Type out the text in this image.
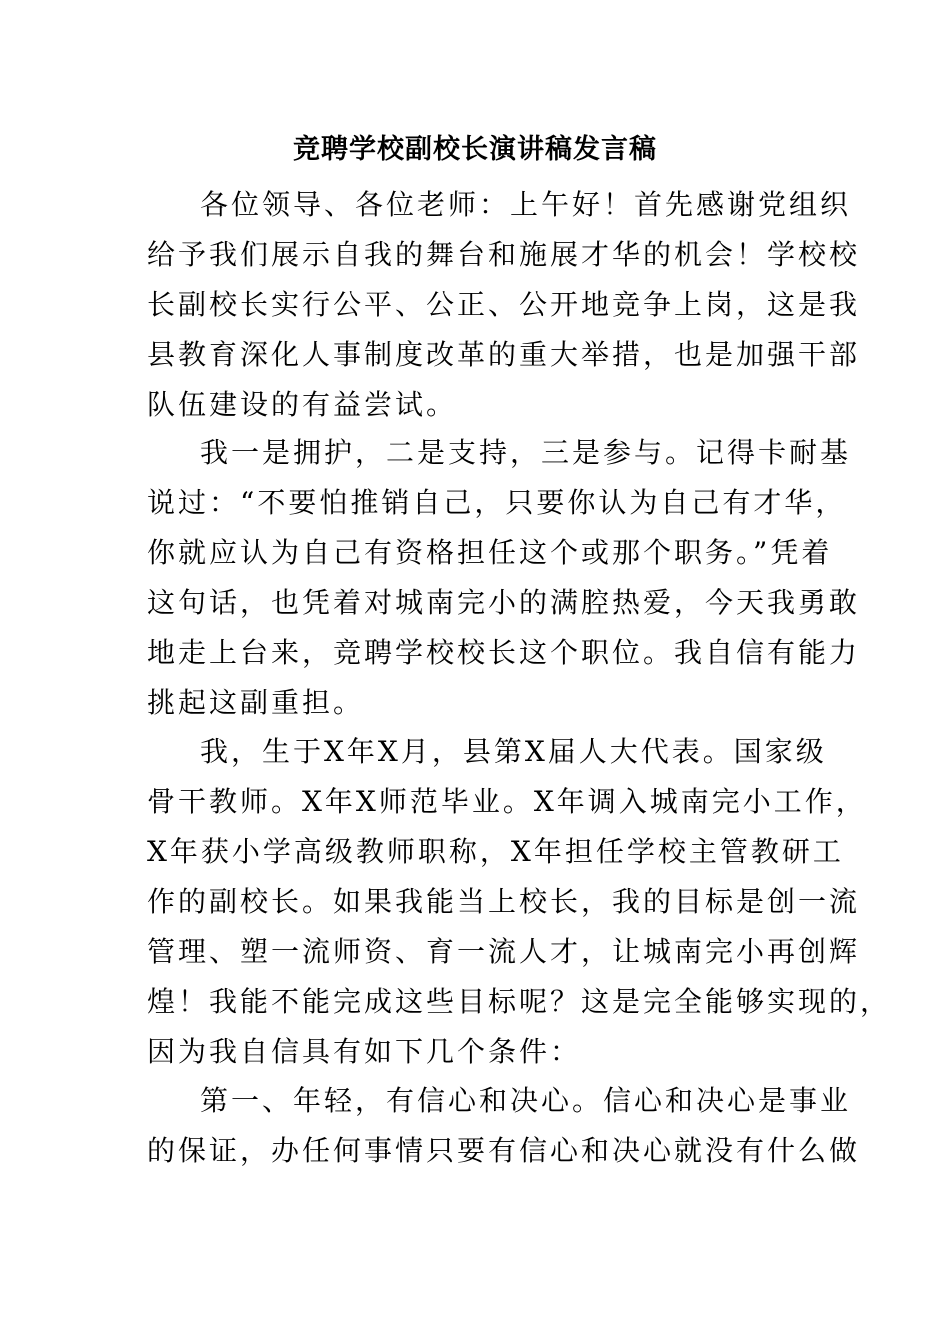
竞聘学校副校长演讲稿发言稿
各位领导、各位老师：上午好！首先感谢党组织
给予我们展示自我的舞台和施展才华的机会！学校校
长副校长实行公平、公正、公开地竞争上岗，这是我
县教育深化人事制度改革的重大举措，也是加强干部
队伍建设的有益尝试。
我一是拥护，二是支持，三是参与。记得卡耐基
说过：“不要怕推销自己，只要你认为自己有才华，
你就应认为自己有资格担任这个或那个职务。”凭着
这句话，也凭着对城南完小的满腔热爱，今天我勇敢
地走上台来，竞聘学校校长这个职位。我自信有能力
挑起这副重担。
我，生于X年X月，县第X届人大代表。国家级
骨干教师。X年X师范毕业。X年调入城南完小工作，
X年获小学高级教师职称，X年担任学校主管教研工
作的副校长。如果我能当上校长，我的目标是创一流
管理、塑一流师资、育一流人才，让城南完小再创辉
煌！我能不能完成这些目标呢？这是完全能够实现的，
因为我自信具有如下几个条件：
第一、年轻，有信心和决心。信心和决心是事业
的保证，办任何事情只要有信心和决心就没有什么做
